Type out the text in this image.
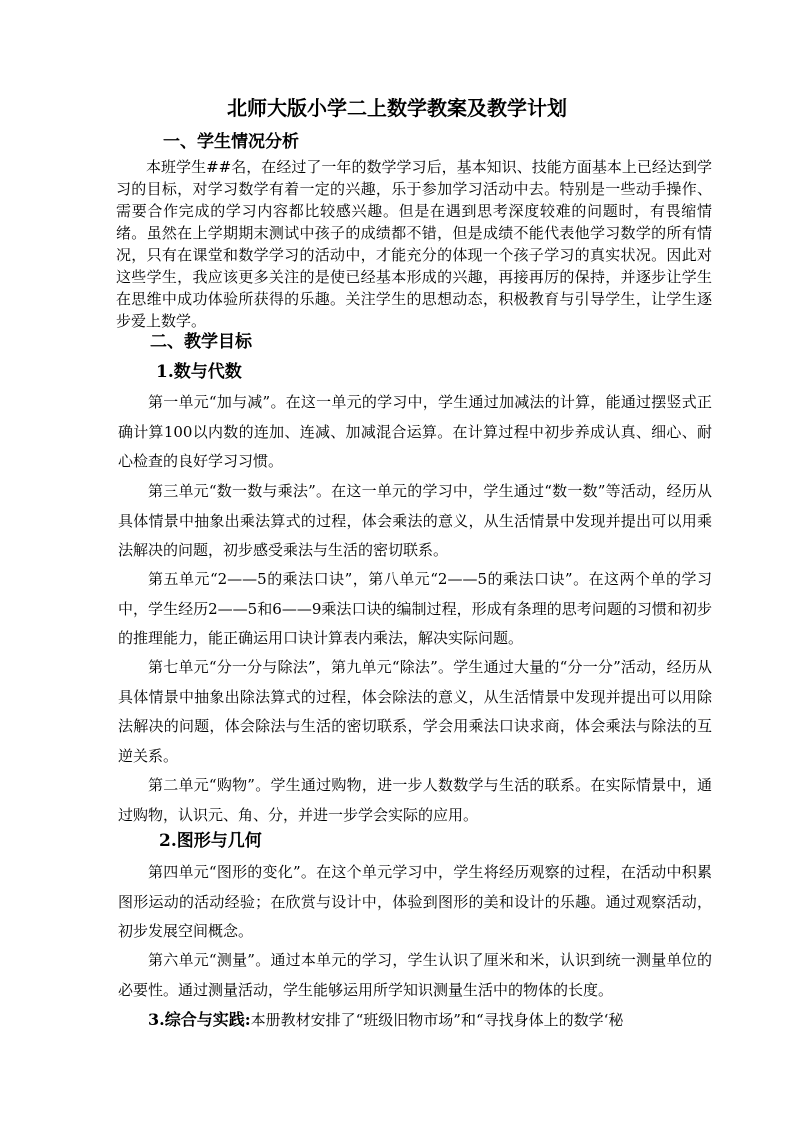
北师大版小学二上数学教案及教学计划
一、学生情况分析

本班学生##名，在经过了一年的数学学习后，基本知识、技能方面基本上已经达到学习的目标，对学习数学有着一定的兴趣，乐于参加学习活动中去。特别是一些动手操作、需要合作完成的学习内容都比较感兴趣。但是在遇到思考深度较难的问题时，有畏缩情绪。虽然在上学期期末测试中孩子的成绩都不错，但是成绩不能代表他学习数学的所有情况，只有在课堂和数学学习的活动中，才能充分的体现一个孩子学习的真实状况。因此对这些学生，我应该更多关注的是使已经基本形成的兴趣，再接再厉的保持，并逐步让学生在思维中成功体验所获得的乐趣。关注学生的思想动态，积极教育与引导学生，让学生逐步爱上数学。

二、教学目标
1.数与代数

第一单元“加与减”。在这一单元的学习中，学生通过加减法的计算，能通过摆竖式正确计算100以内数的连加、连减、加减混合运算。在计算过程中初步养成认真、细心、耐心检查的良好学习习惯。

第三单元“数一数与乘法”。在这一单元的学习中，学生通过“数一数”等活动，经历从具体情景中抽象出乘法算式的过程，体会乘法的意义，从生活情景中发现并提出可以用乘法解决的问题，初步感受乘法与生活的密切联系。

第五单元“2——5的乘法口诀”，第八单元“2——5的乘法口诀”。在这两个单的学习中，学生经历2——5和6——9乘法口诀的编制过程，形成有条理的思考问题的习惯和初步的推理能力，能正确运用口诀计算表内乘法，解决实际问题。

第七单元“分一分与除法”，第九单元“除法”。学生通过大量的“分一分”活动，经历从具体情景中抽象出除法算式的过程，体会除法的意义，从生活情景中发现并提出可以用除法解决的问题，体会除法与生活的密切联系，学会用乘法口诀求商，体会乘法与除法的互逆关系。

第二单元“购物”。学生通过购物，进一步人数数学与生活的联系。在实际情景中，通过购物，认识元、角、分，并进一步学会实际的应用。

2.图形与几何

第四单元“图形的变化”。在这个单元学习中，学生将经历观察的过程，在活动中积累图形运动的活动经验；在欣赏与设计中，体验到图形的美和设计的乐趣。通过观察活动，初步发展空间概念。

第六单元“测量”。通过本单元的学习，学生认识了厘米和米，认识到统一测量单位的必要性。通过测量活动，学生能够运用所学知识测量生活中的物体的长度。

3.综合与实践:本册教材安排了“班级旧物市场”和“寻找身体上的数学‘秘
